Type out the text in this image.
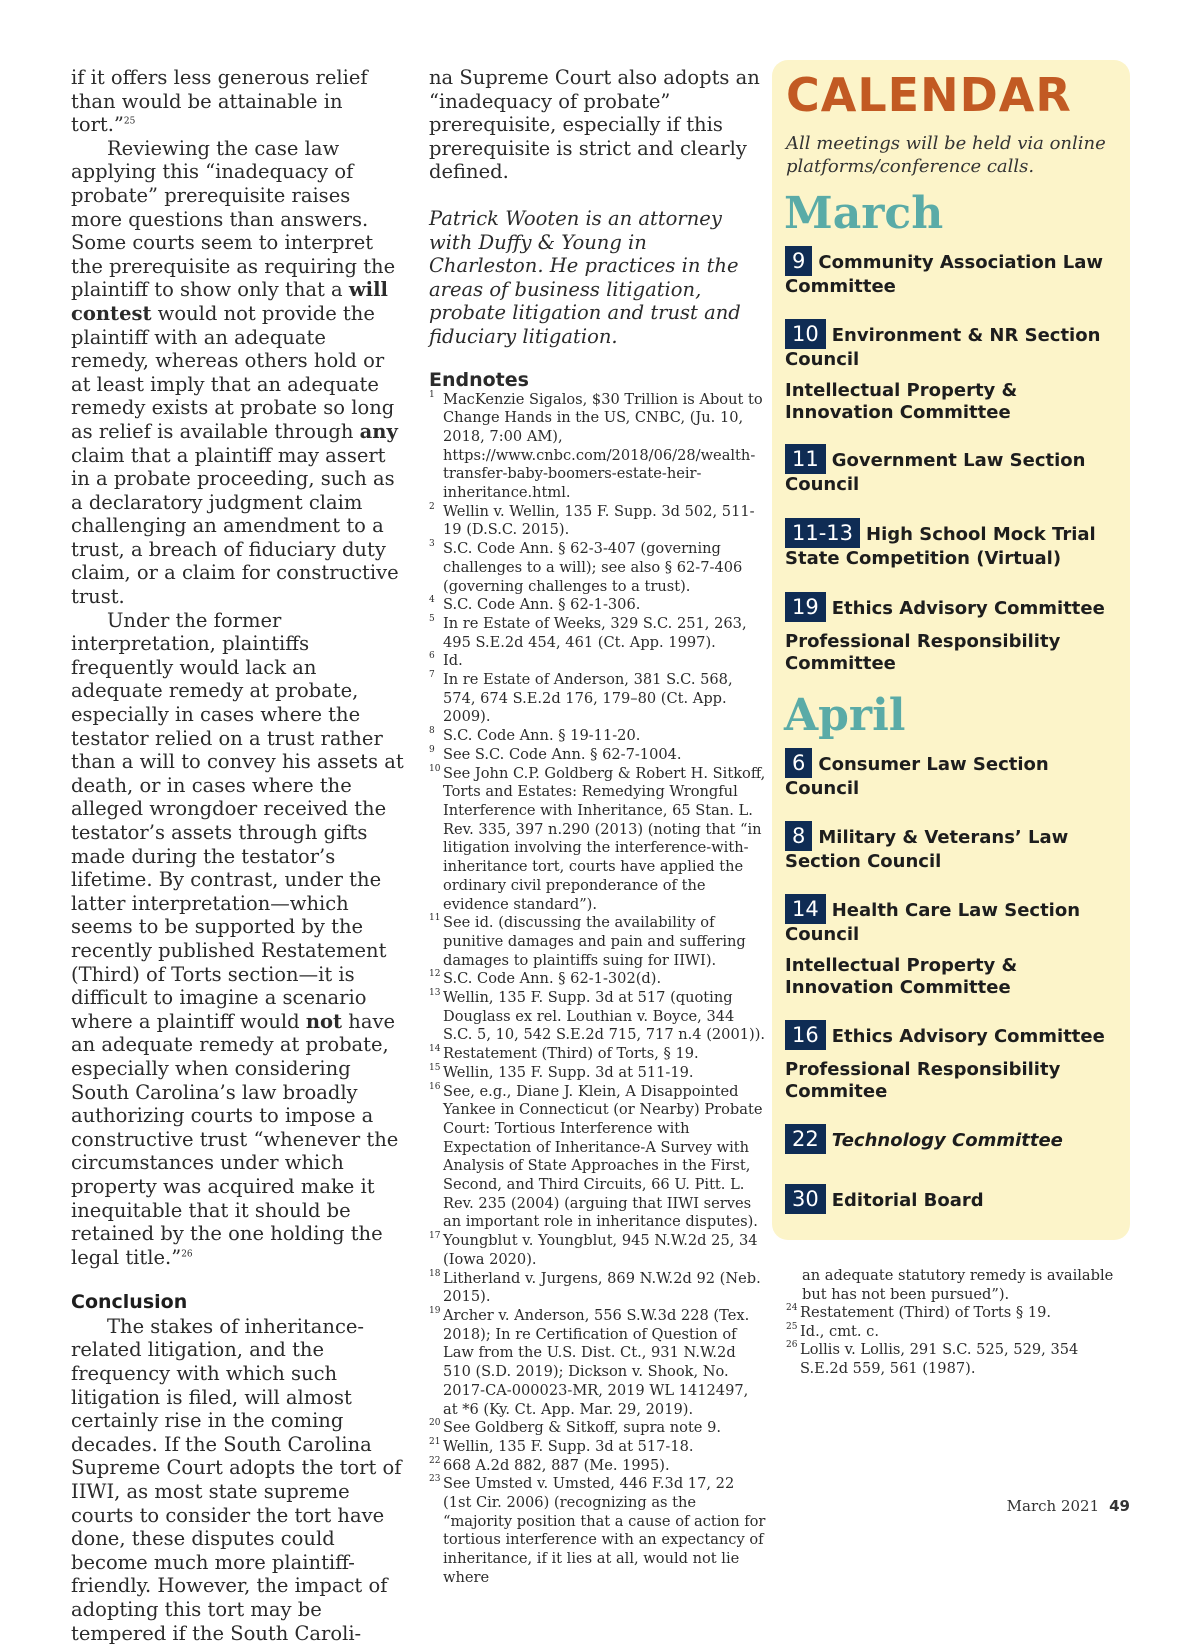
if it offers less generous relief than would be attainable in tort.”$^{25}$

Reviewing the case law applying this “inadequacy of probate” prerequisite raises more questions than answers. Some courts seem to interpret the prerequisite as requiring the plaintiff to show only that a will contest would not provide the plaintiff with an adequate remedy, whereas others hold or at least imply that an adequate remedy exists at probate so long as relief is available through any claim that a plaintiff may assert in a probate proceeding, such as a declaratory judgment claim challenging an amendment to a trust, a breach of fiduciary duty claim, or a claim for constructive trust.

Under the former interpretation, plaintiffs frequently would lack an adequate remedy at probate, especially in cases where the testator relied on a trust rather than a will to convey his assets at death, or in cases where the alleged wrongdoer received the testator’s assets through gifts made during the testator’s lifetime. By contrast, under the latter interpretation—which seems to be supported by the recently published Restatement (Third) of Torts section—it is difficult to imagine a scenario where a plaintiff would not have an adequate remedy at probate, especially when considering South Carolina’s law broadly authorizing courts to impose a constructive trust “whenever the circumstances under which property was acquired make it inequitable that it should be retained by the one holding the legal title.”$^{26}$

Conclusion

The stakes of inheritance-related litigation, and the frequency with which such litigation is filed, will almost certainly rise in the coming decades. If the South Carolina Supreme Court adopts the tort of IIWI, as most state supreme courts to consider the tort have done, these disputes could become much more plaintiff-friendly. However, the impact of adopting this tort may be tempered if the South Caroli-

na Supreme Court also adopts an “inadequacy of probate” prerequisite, especially if this prerequisite is strict and clearly defined.

Patrick Wooten is an attorney with Duffy & Young in Charleston. He practices in the areas of business litigation, probate litigation and trust and fiduciary litigation.

Endnotes
1 MacKenzie Sigalos, $30 Trillion is About to Change Hands in the US, CNBC, (Ju. 10, 2018, 7:00 AM), https://www.cnbc.com/2018/06/28/wealth-transfer-baby-boomers-estate-heir-inheritance.html.
2 Wellin v. Wellin, 135 F. Supp. 3d 502, 511-19 (D.S.C. 2015).
3 S.C. Code Ann. § 62-3-407 (governing challenges to a will); see also § 62-7-406 (governing challenges to a trust).
4 S.C. Code Ann. § 62-1-306.
5 In re Estate of Weeks, 329 S.C. 251, 263, 495 S.E.2d 454, 461 (Ct. App. 1997).
6 Id.
7 In re Estate of Anderson, 381 S.C. 568, 574, 674 S.E.2d 176, 179–80 (Ct. App. 2009).
8 S.C. Code Ann. § 19-11-20.
9 See S.C. Code Ann. § 62-7-1004.
10 See John C.P. Goldberg & Robert H. Sitkoff, Torts and Estates: Remedying Wrongful Interference with Inheritance, 65 Stan. L. Rev. 335, 397 n.290 (2013) (noting that “in litigation involving the interference-with-inheritance tort, courts have applied the ordinary civil preponderance of the evidence standard”).
11 See id. (discussing the availability of punitive damages and pain and suffering damages to plaintiffs suing for IIWI).
12 S.C. Code Ann. § 62-1-302(d).
13 Wellin, 135 F. Supp. 3d at 517 (quoting Douglass ex rel. Louthian v. Boyce, 344 S.C. 5, 10, 542 S.E.2d 715, 717 n.4 (2001)).
14 Restatement (Third) of Torts, § 19.
15 Wellin, 135 F. Supp. 3d at 511-19.
16 See, e.g., Diane J. Klein, A Disappointed Yankee in Connecticut (or Nearby) Probate Court: Tortious Interference with Expectation of Inheritance-A Survey with Analysis of State Approaches in the First, Second, and Third Circuits, 66 U. Pitt. L. Rev. 235 (2004) (arguing that IIWI serves an important role in inheritance disputes).
17 Youngblut v. Youngblut, 945 N.W.2d 25, 34 (Iowa 2020).
18 Litherland v. Jurgens, 869 N.W.2d 92 (Neb. 2015).
19 Archer v. Anderson, 556 S.W.3d 228 (Tex. 2018); In re Certification of Question of Law from the U.S. Dist. Ct., 931 N.W.2d 510 (S.D. 2019); Dickson v. Shook, No. 2017-CA-000023-MR, 2019 WL 1412497, at *6 (Ky. Ct. App. Mar. 29, 2019).
20 See Goldberg & Sitkoff, supra note 9.
21 Wellin, 135 F. Supp. 3d at 517-18.
22 668 A.2d 882, 887 (Me. 1995).
23 See Umsted v. Umsted, 446 F.3d 17, 22 (1st Cir. 2006) (recognizing as the “majority position that a cause of action for tortious interference with an expectancy of inheritance, if it lies at all, would not lie where
CALENDAR
All meetings will be held via online platforms/conference calls.
March
9 Community Association Law Committee
10 Environment & NR Section Council
Intellectual Property & Innovation Committee
11 Government Law Section Council
11-13 High School Mock Trial State Competition (Virtual)
19 Ethics Advisory Committee
Professional Responsibility Committee
April
6 Consumer Law Section Council
8 Military & Veterans’ Law Section Council
14 Health Care Law Section Council
Intellectual Property & Innovation Committee
16 Ethics Advisory Committee
Professional Responsibility Commitee
22 Technology Committee
30 Editorial Board
an adequate statutory remedy is available but has not been pursued”).
24 Restatement (Third) of Torts § 19.
25 Id., cmt. c.
26 Lollis v. Lollis, 291 S.C. 525, 529, 354 S.E.2d 559, 561 (1987).
March 2021 49
